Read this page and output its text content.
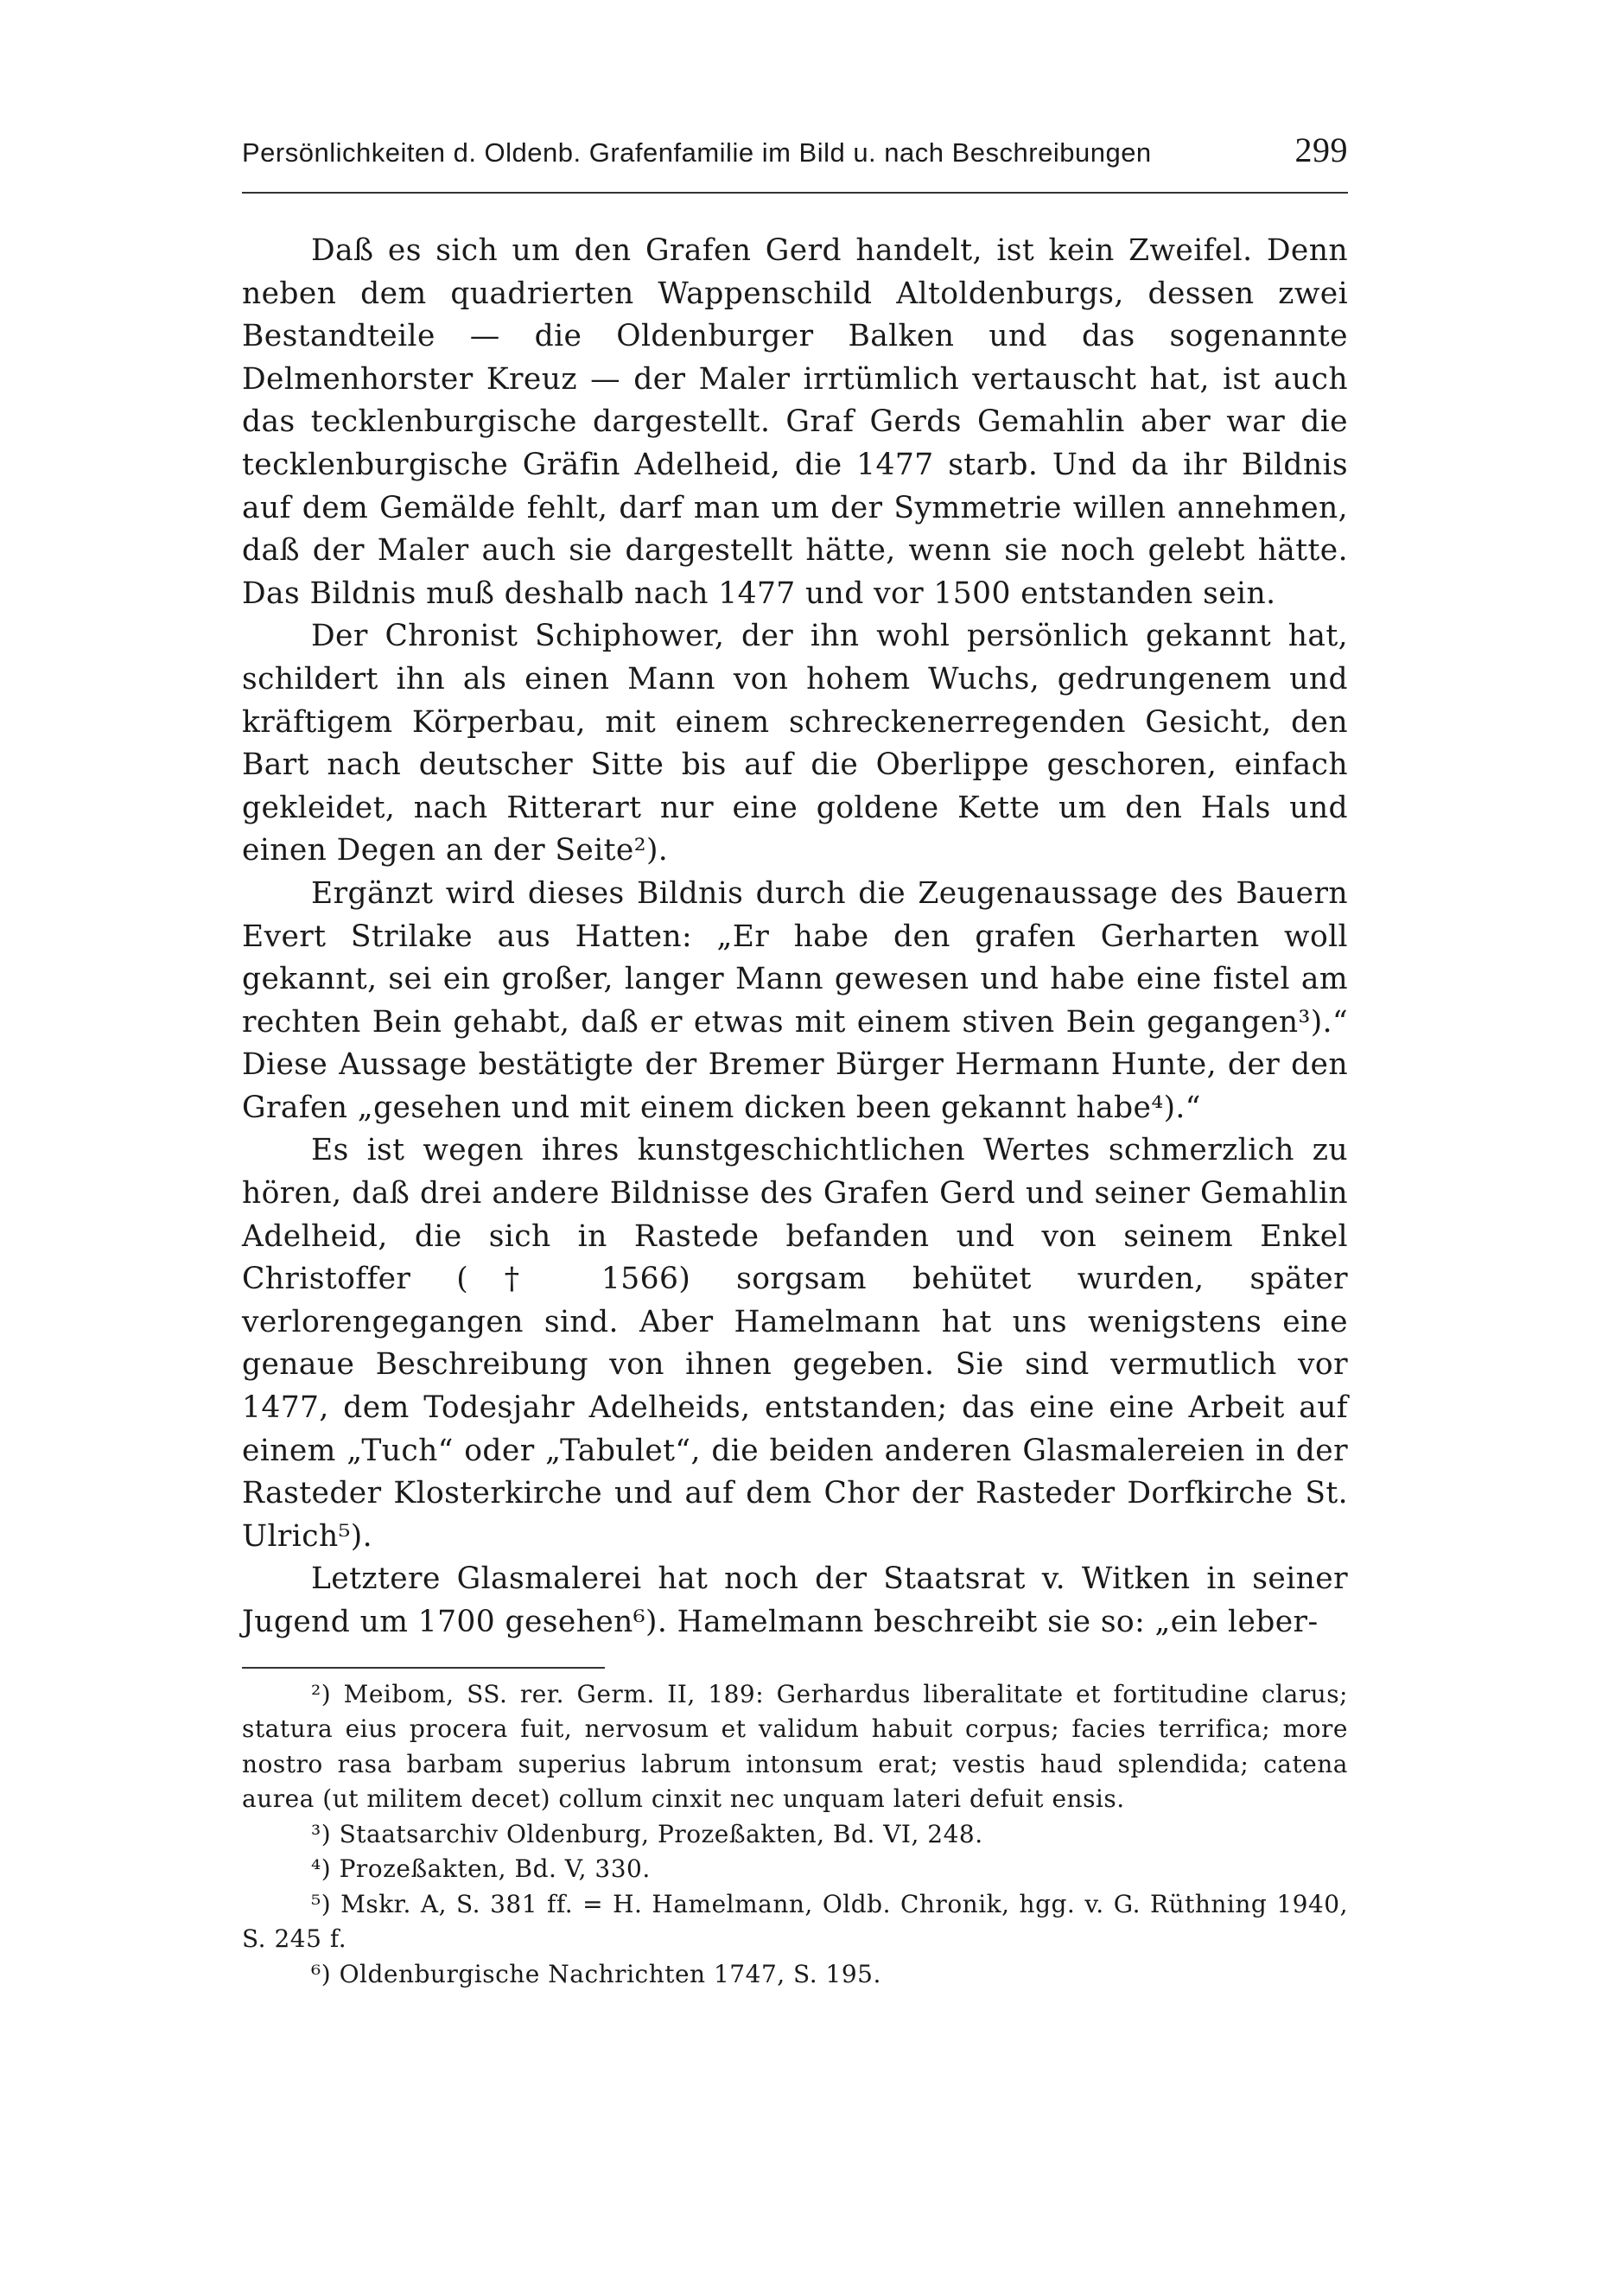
Persönlichkeiten d. Oldenb. Grafenfamilie im Bild u. nach Beschreibungen	299

Daß es sich um den Grafen Gerd handelt, ist kein Zweifel. Denn neben dem quadrierten Wappenschild Altoldenburgs, dessen zwei Bestandteile — die Oldenburger Balken und das sogenannte Delmenhorster Kreuz — der Maler irrtümlich vertauscht hat, ist auch das tecklenburgische dargestellt. Graf Gerds Gemahlin aber war die tecklenburgische Gräfin Adelheid, die 1477 starb. Und da ihr Bildnis auf dem Gemälde fehlt, darf man um der Symmetrie willen annehmen, daß der Maler auch sie dargestellt hätte, wenn sie noch gelebt hätte. Das Bildnis muß deshalb nach 1477 und vor 1500 entstanden sein.

Der Chronist Schiphower, der ihn wohl persönlich gekannt hat, schildert ihn als einen Mann von hohem Wuchs, gedrungenem und kräftigem Körperbau, mit einem schreckenerregenden Gesicht, den Bart nach deutscher Sitte bis auf die Oberlippe geschoren, einfach gekleidet, nach Ritterart nur eine goldene Kette um den Hals und einen Degen an der Seite²).

Ergänzt wird dieses Bildnis durch die Zeugenaussage des Bauern Evert Strilake aus Hatten: „Er habe den grafen Gerharten woll gekannt, sei ein großer, langer Mann gewesen und habe eine fistel am rechten Bein gehabt, daß er etwas mit einem stiven Bein gegangen³).“ Diese Aussage bestätigte der Bremer Bürger Hermann Hunte, der den Grafen „gesehen und mit einem dicken been gekannt habe⁴).“

Es ist wegen ihres kunstgeschichtlichen Wertes schmerzlich zu hören, daß drei andere Bildnisse des Grafen Gerd und seiner Gemahlin Adelheid, die sich in Rastede befanden und von seinem Enkel Christoffer († 1566) sorgsam behütet wurden, später verlorengegangen sind. Aber Hamelmann hat uns wenigstens eine genaue Beschreibung von ihnen gegeben. Sie sind vermutlich vor 1477, dem Todesjahr Adelheids, entstanden; das eine eine Arbeit auf einem „Tuch“ oder „Tabulet“, die beiden anderen Glasmalereien in der Rasteder Klosterkirche und auf dem Chor der Rasteder Dorfkirche St. Ulrich⁵).

Letztere Glasmalerei hat noch der Staatsrat v. Witken in seiner Jugend um 1700 gesehen⁶). Hamelmann beschreibt sie so: „ein leber-

²) Meibom, SS. rer. Germ. II, 189: Gerhardus liberalitate et fortitudine clarus; statura eius procera fuit, nervosum et validum habuit corpus; facies terrifica; more nostro rasa barbam superius labrum intonsum erat; vestis haud splendida; catena aurea (ut militem decet) collum cinxit nec unquam lateri defuit ensis.

³) Staatsarchiv Oldenburg, Prozeßakten, Bd. VI, 248.

⁴) Prozeßakten, Bd. V, 330.

⁵) Mskr. A, S. 381 ff. = H. Hamelmann, Oldb. Chronik, hgg. v. G. Rüthning 1940, S. 245 f.

⁶) Oldenburgische Nachrichten 1747, S. 195.
